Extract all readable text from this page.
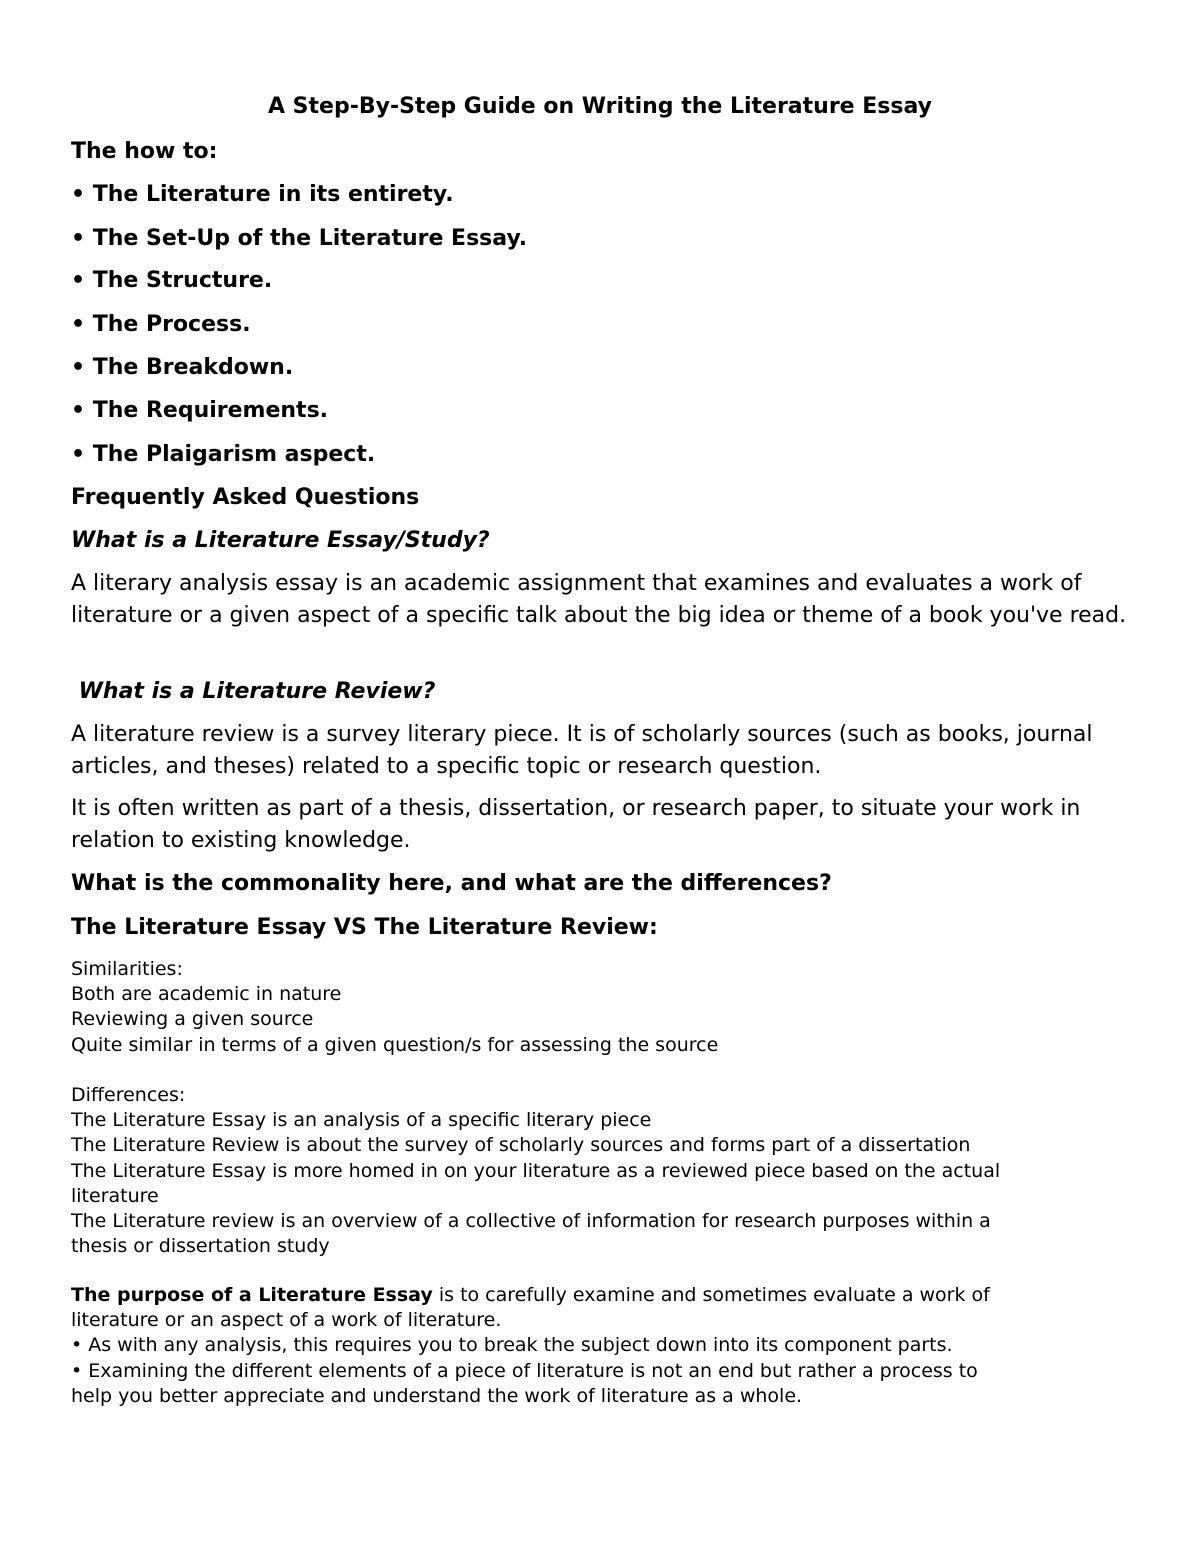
A Step-By-Step Guide on Writing the Literature Essay
The how to:
• The Literature in its entirety.
• The Set-Up of the Literature Essay.
• The Structure.
• The Process.
• The Breakdown.
• The Requirements.
• The Plaigarism aspect.
Frequently Asked Questions
What is a Literature Essay/Study?
A literary analysis essay is an academic assignment that examines and evaluates a work of literature or a given aspect of a specific talk about the big idea or theme of a book you've read.
What is a Literature Review?
A literature review is a survey literary piece. It is of scholarly sources (such as books, journal articles, and theses) related to a specific topic or research question.
It is often written as part of a thesis, dissertation, or research paper, to situate your work in relation to existing knowledge.
What is the commonality here, and what are the differences?
The Literature Essay VS The Literature Review:
Similarities:
Both are academic in nature
Reviewing a given source
Quite similar in terms of a given question/s for assessing the source
Differences:
The Literature Essay is an analysis of a specific literary piece
The Literature Review is about the survey of scholarly sources and forms part of a dissertation
The Literature Essay is more homed in on your literature as a reviewed piece based on the actual
literature
The Literature review is an overview of a collective of information for research purposes within a
thesis or dissertation study
The purpose of a Literature Essay is to carefully examine and sometimes evaluate a work of
literature or an aspect of a work of literature.
• As with any analysis, this requires you to break the subject down into its component parts.
• Examining the different elements of a piece of literature is not an end but rather a process to
help you better appreciate and understand the work of literature as a whole.
